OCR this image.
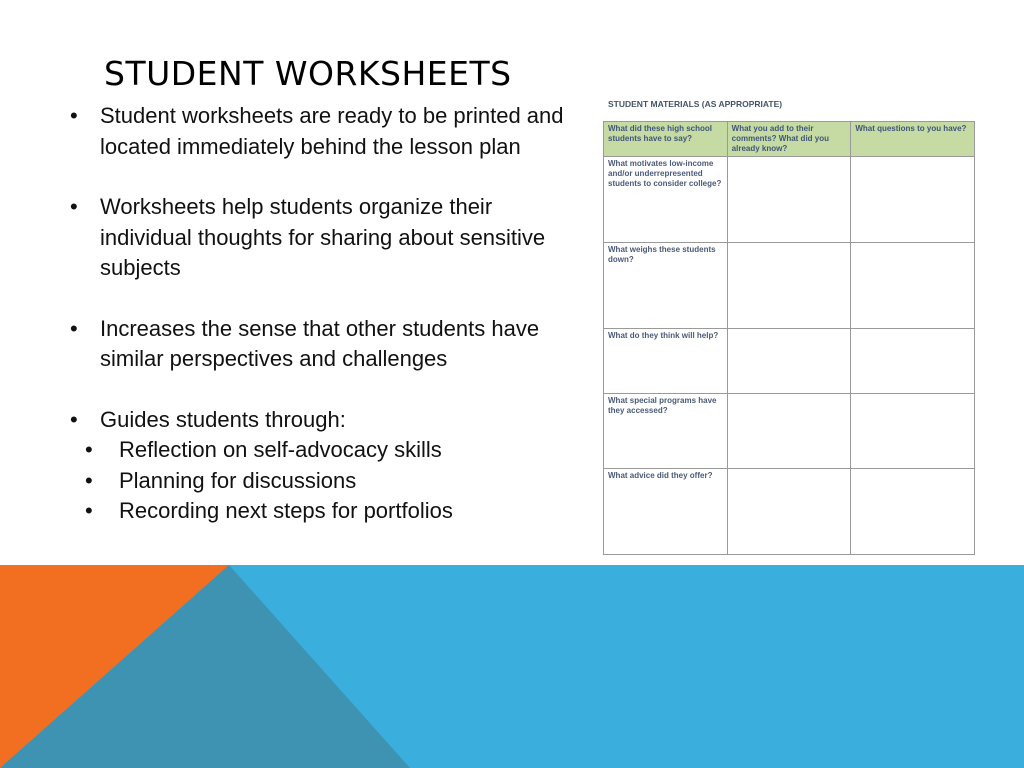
STUDENT WORKSHEETS
• Student worksheets are ready to be printed and located immediately behind the lesson plan
• Worksheets help students organize their individual thoughts for sharing about sensitive subjects
• Increases the sense that other students have similar perspectives and challenges
• Guides students through:
• Reflection on self-advocacy skills
• Planning for discussions
• Recording next steps for portfolios
STUDENT MATERIALS (AS APPROPRIATE)
What did these high school students have to say?	What you add to their comments? What did you already know?	What questions to you have?
What motivates low-income and/or underrepresented students to consider college?		
What weighs these students down?		
What do they think will help?		
What special programs have they accessed?		
What advice did they offer?		
